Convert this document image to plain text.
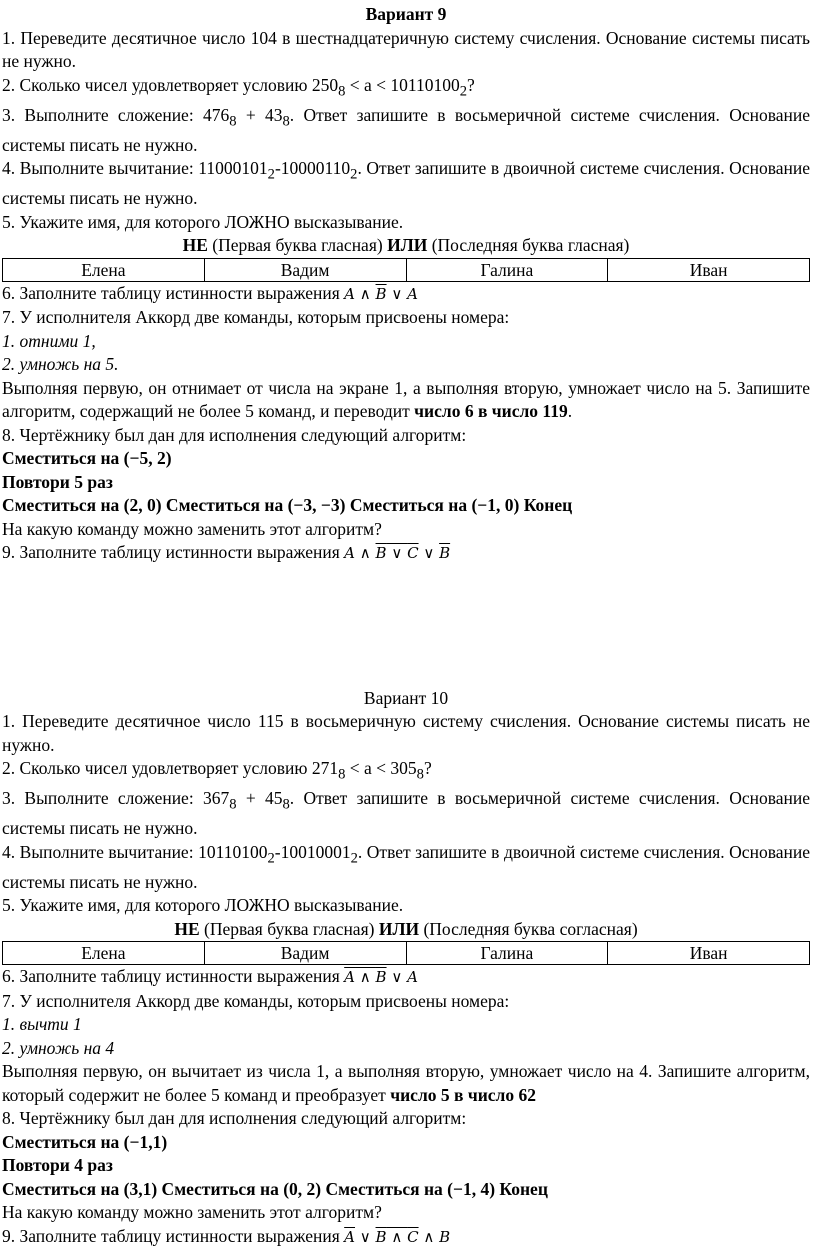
Вариант 9

1. Переведите десятичное число 104 в шестнадцатеричную систему счисления. Основание системы писать не нужно.

2. Сколько чисел удовлетворяет условию $250_8 < a < 10110100_2$?

3. Выполните сложение: $476_8 + 43_8$. Ответ запишите в восьмеричной системе счисления. Основание системы писать не нужно.

4. Выполните вычитание: $11000101_2-10000110_2$. Ответ запишите в двоичной системе счисления. Основание системы писать не нужно.

5. Укажите имя, для которого ЛОЖНО высказывание.

НЕ (Первая буква гласная) ИЛИ (Последняя буква гласная)

Елена	Вадим	Галина	Иван

6. Заполните таблицу истинности выражения A ∧ $\overline{B}$ ∨ A

7. У исполнителя Аккорд две команды, которым присвоены номера:

1. отними 1,

2. умножь на 5.

Выполняя первую, он отнимает от числа на экране 1, а выполняя вторую, умножает число на 5. Запишите алгоритм, содержащий не более 5 команд, и переводит число 6 в число 119.

8. Чертёжнику был дан для исполнения следующий алгоритм:

Сместиться на (−5, 2)

Повтори 5 раз

Сместиться на (2, 0) Сместиться на (−3, −3) Сместиться на (−1, 0) Конец

На какую команду можно заменить этот алгоритм?

9. Заполните таблицу истинности выражения A ∧ B ∨ C ∨ $\overline{B}$

Вариант 10

1. Переведите десятичное число 115 в восьмеричную систему счисления. Основание системы писать не нужно.

2. Сколько чисел удовлетворяет условию $271_8 < a < 305_8$?

3. Выполните сложение: $367_8 + 45_8$. Ответ запишите в восьмеричной системе счисления. Основание системы писать не нужно.

4. Выполните вычитание: $10110100_2-10010001_2$. Ответ запишите в двоичной системе счисления. Основание системы писать не нужно.

5. Укажите имя, для которого ЛОЖНО высказывание.

НЕ (Первая буква гласная) ИЛИ (Последняя буква согласная)

Елена	Вадим	Галина	Иван

6. Заполните таблицу истинности выражения A ∧ B ∨ A

7. У исполнителя Аккорд две команды, которым присвоены номера:

1. вычти 1

2. умножь на 4

Выполняя первую, он вычитает из числа 1, а выполняя вторую, умножает число на 4. Запишите алгоритм, который содержит не более 5 команд и преобразует число 5 в число 62

8. Чертёжнику был дан для исполнения следующий алгоритм:

Сместиться на (−1,1)

Повтори 4 раз

Сместиться на (3,1) Сместиться на (0, 2) Сместиться на (−1, 4) Конец

На какую команду можно заменить этот алгоритм?

9. Заполните таблицу истинности выражения $\overline{A}$ ∨ B ∧ C ∧ B
